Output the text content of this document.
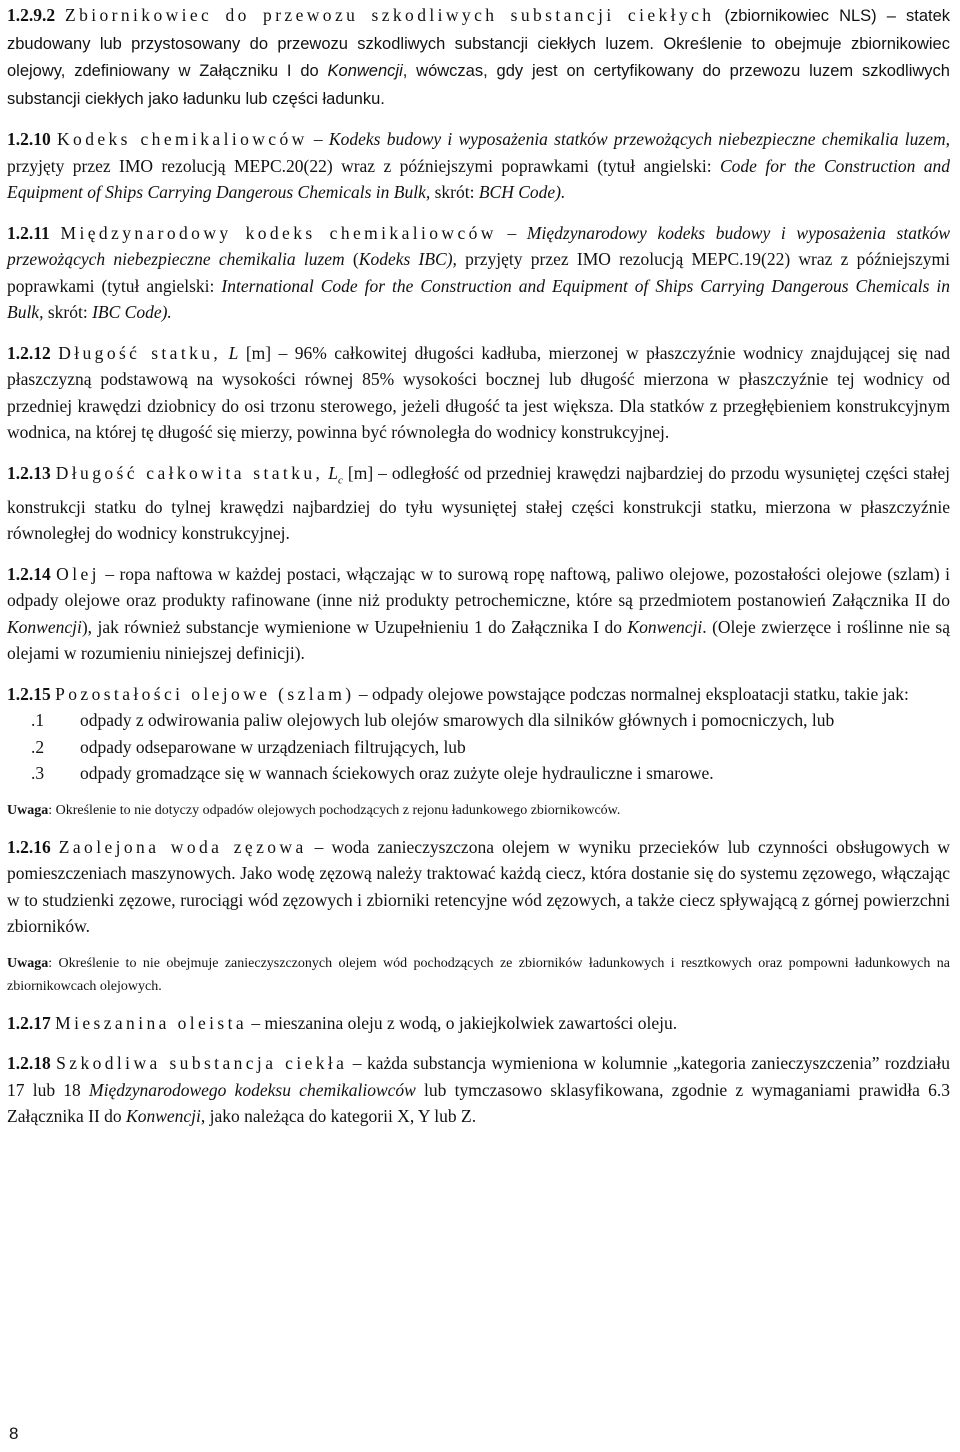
1.2.9.2 Zbiornikowiec do przewozu szkodliwych substancji ciekłych (zbiornikowiec NLS) – statek zbudowany lub przystosowany do przewozu szkodliwych substancji ciekłych luzem. Określenie to obejmuje zbiornikowiec olejowy, zdefiniowany w Załączniku I do Konwencji, wówczas, gdy jest on certyfikowany do przewozu luzem szkodliwych substancji ciekłych jako ładunku lub części ładunku.

1.2.10 Kodeks chemikaliowców – Kodeks budowy i wyposażenia statków przewożących niebezpieczne chemikalia luzem, przyjęty przez IMO rezolucją MEPC.20(22) wraz z późniejszymi poprawkami (tytuł angielski: Code for the Construction and Equipment of Ships Carrying Dangerous Chemicals in Bulk, skrót: BCH Code).

1.2.11 Międzynarodowy kodeks chemikaliowców – Międzynarodowy kodeks budowy i wyposażenia statków przewożących niebezpieczne chemikalia luzem (Kodeks IBC), przyjęty przez IMO rezolucją MEPC.19(22) wraz z późniejszymi poprawkami (tytuł angielski: International Code for the Construction and Equipment of Ships Carrying Dangerous Chemicals in Bulk, skrót: IBC Code).

1.2.12 Długość statku, L [m] – 96% całkowitej długości kadłuba, mierzonej w płaszczyźnie wodnicy znajdującej się nad płaszczyzną podstawową na wysokości równej 85% wysokości bocznej lub długość mierzona w płaszczyźnie tej wodnicy od przedniej krawędzi dziobnicy do osi trzonu sterowego, jeżeli długość ta jest większa. Dla statków z przegłębieniem konstrukcyjnym wodnica, na której tę długość się mierzy, powinna być równoległa do wodnicy konstrukcyjnej.

1.2.13 Długość całkowita statku, $L_c$ [m] – odległość od przedniej krawędzi najbardziej do przodu wysuniętej części stałej konstrukcji statku do tylnej krawędzi najbardziej do tyłu wysuniętej stałej części konstrukcji statku, mierzona w płaszczyźnie równoległej do wodnicy konstrukcyjnej.

1.2.14 Olej – ropa naftowa w każdej postaci, włączając w to surową ropę naftową, paliwo olejowe, pozostałości olejowe (szlam) i odpady olejowe oraz produkty rafinowane (inne niż produkty petrochemiczne, które są przedmiotem postanowień Załącznika II do Konwencji), jak również substancje wymienione w Uzupełnieniu 1 do Załącznika I do Konwencji. (Oleje zwierzęce i roślinne nie są olejami w rozumieniu niniejszej definicji).

1.2.15 Pozostałości olejowe (szlam) – odpady olejowe powstające podczas normalnej eksploatacji statku, takie jak:

.1	odpady z odwirowania paliw olejowych lub olejów smarowych dla silników głównych i pomocniczych, lub
.2	odpady odseparowane w urządzeniach filtrujących, lub
.3	odpady gromadzące się w wannach ściekowych oraz zużyte oleje hydrauliczne i smarowe.

Uwaga: Określenie to nie dotyczy odpadów olejowych pochodzących z rejonu ładunkowego zbiornikowców.

1.2.16 Zaolejona woda zęzowa – woda zanieczyszczona olejem w wyniku przecieków lub czynności obsługowych w pomieszczeniach maszynowych. Jako wodę zęzową należy traktować każdą ciecz, która dostanie się do systemu zęzowego, włączając w to studzienki zęzowe, rurociągi wód zęzowych i zbiorniki retencyjne wód zęzowych, a także ciecz spływającą z górnej powierzchni zbiorników.

Uwaga: Określenie to nie obejmuje zanieczyszczonych olejem wód pochodzących ze zbiorników ładunkowych i resztkowych oraz pompowni ładunkowych na zbiornikowcach olejowych.

1.2.17 Mieszanina oleista – mieszanina oleju z wodą, o jakiejkolwiek zawartości oleju.

1.2.18 Szkodliwa substancja ciekła – każda substancja wymieniona w kolumnie „kategoria zanieczyszczenia” rozdziału 17 lub 18 Międzynarodowego kodeksu chemikaliowców lub tymczasowo sklasyfikowana, zgodnie z wymaganiami prawidła 6.3 Załącznika II do Konwencji, jako należąca do kategorii X, Y lub Z.

8
